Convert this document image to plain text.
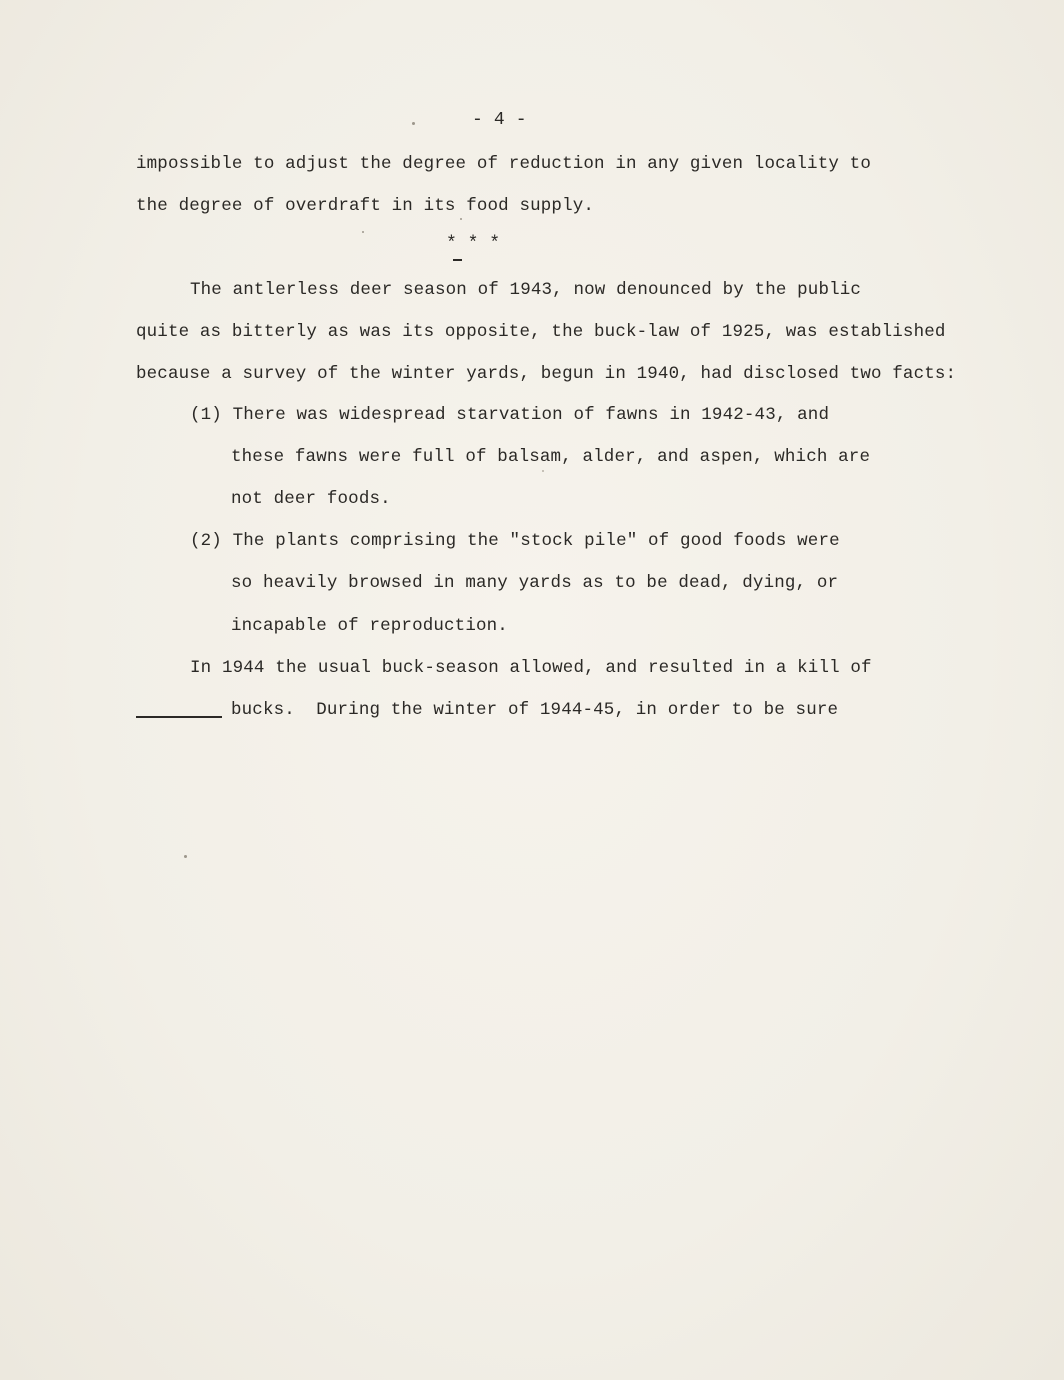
- 4 -
impossible to adjust the degree of reduction in any given locality to
the degree of overdraft in its food supply.
* * *
The antlerless deer season of 1943, now denounced by the public
quite as bitterly as was its opposite, the buck-law of 1925, was established
because a survey of the winter yards, begun in 1940, had disclosed two facts:
(1) There was widespread starvation of fawns in 1942-43, and
these fawns were full of balsam, alder, and aspen, which are
not deer foods.
(2) The plants comprising the "stock pile" of good foods were
so heavily browsed in many yards as to be dead, dying, or
incapable of reproduction.
In 1944 the usual buck-season allowed, and resulted in a kill of
bucks.  During the winter of 1944-45, in order to be sure
